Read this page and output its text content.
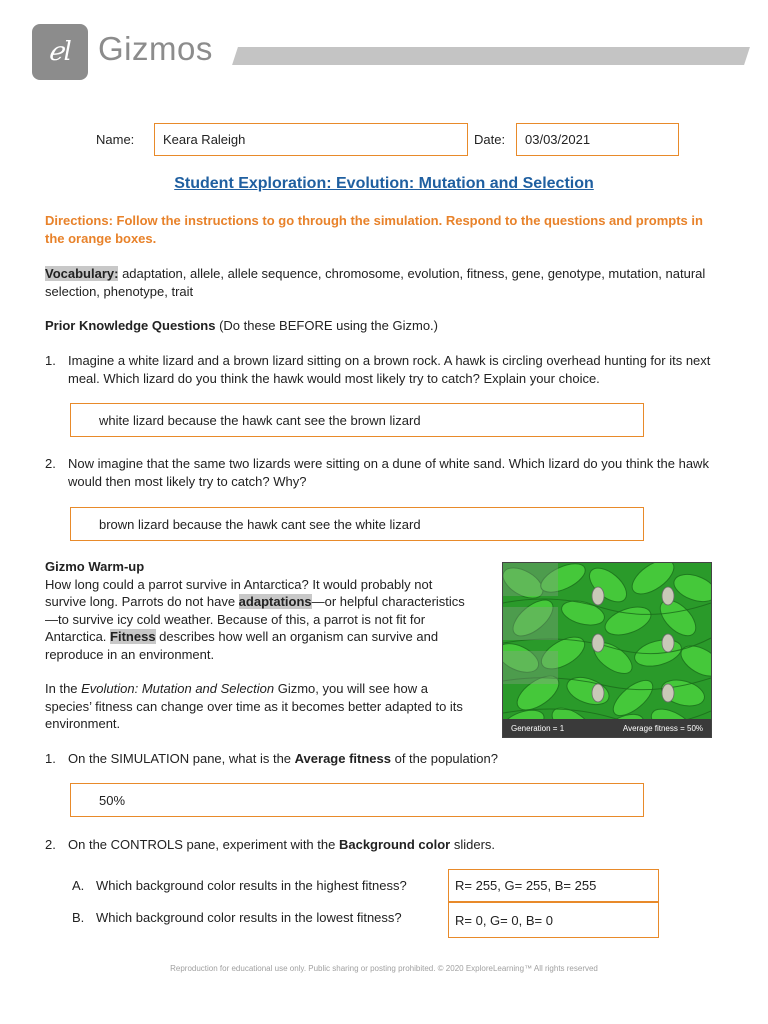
ℯl Gizmos
Name:	Keara Raleigh	Date:	03/03/2021
Student Exploration: Evolution: Mutation and Selection
Directions: Follow the instructions to go through the simulation. Respond to the questions and prompts in the orange boxes.
Vocabulary: adaptation, allele, allele sequence, chromosome, evolution, fitness, gene, genotype, mutation, natural selection, phenotype, trait
Prior Knowledge Questions (Do these BEFORE using the Gizmo.)
1. Imagine a white lizard and a brown lizard sitting on a brown rock. A hawk is circling overhead hunting for its next meal. Which lizard do you think the hawk would most likely try to catch? Explain your choice.
white lizard because the hawk cant see the brown lizard
2. Now imagine that the same two lizards were sitting on a dune of white sand. Which lizard do you think the hawk would then most likely try to catch? Why?
brown lizard because the hawk cant see the white lizard
Gizmo Warm-up
How long could a parrot survive in Antarctica? It would probably not survive long. Parrots do not have adaptations—or helpful characteristics—to survive icy cold weather. Because of this, a parrot is not fit for Antarctica. Fitness describes how well an organism can survive and reproduce in an environment.
In the Evolution: Mutation and Selection Gizmo, you will see how a species’ fitness can change over time as it becomes better adapted to its environment.	Generation = 1	Average fitness = 50%
1. On the SIMULATION pane, what is the Average fitness of the population?
50%
2. On the CONTROLS pane, experiment with the Background color sliders.
A. Which background color results in the highest fitness?	R= 255, G= 255, B= 255
B. Which background color results in the lowest fitness?	R= 0, G= 0, B= 0
Reproduction for educational use only. Public sharing or posting prohibited. © 2020 ExploreLearning™ All rights reserved
